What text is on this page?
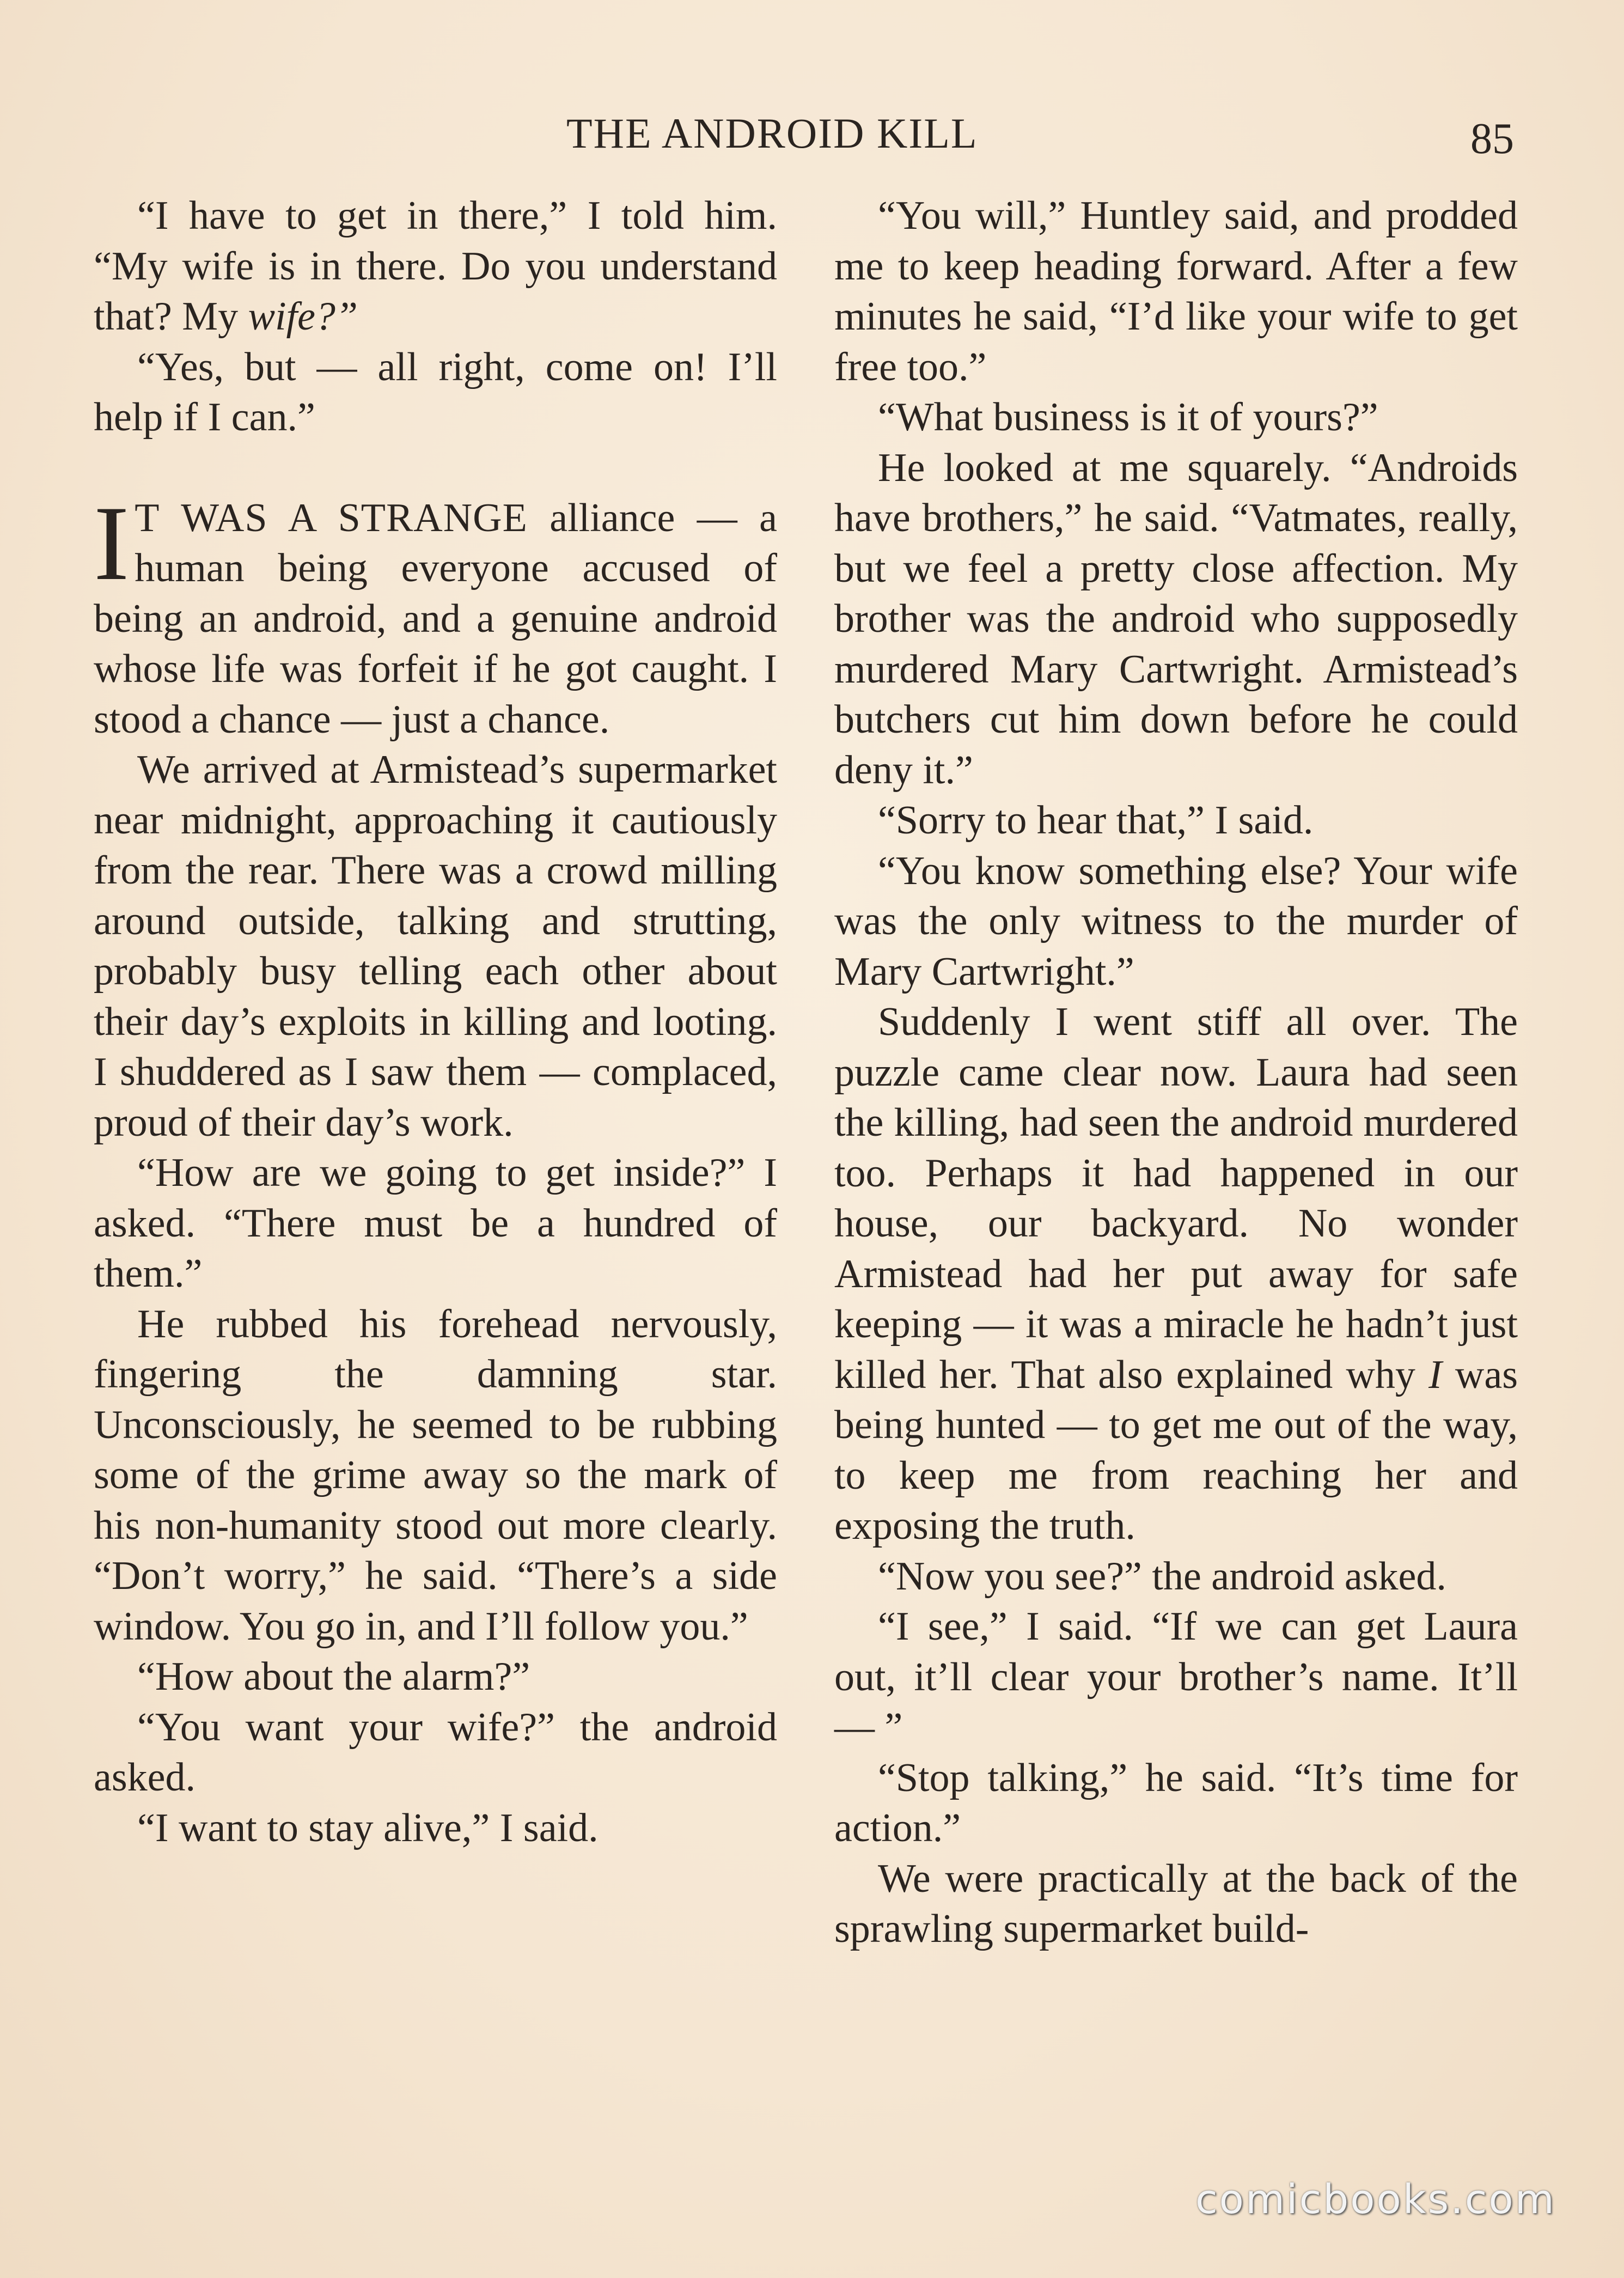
THE ANDROID KILL	85

“I have to get in there,” I told him. “My wife is in there. Do you understand that? My wife?”

“Yes, but — all right, come on! I’ll help if I can.”

I T WAS A STRANGE alliance — a human being everyone accused of being an android, and a genuine android whose life was forfeit if he got caught. I stood a chance — just a chance.

We arrived at Armistead’s supermarket near midnight, approaching it cautiously from the rear. There was a crowd milling around outside, talking and strutting, probably busy telling each other about their day’s exploits in killing and looting. I shuddered as I saw them — complaced, proud of their day’s work.

“How are we going to get inside?” I asked. “There must be a hundred of them.”

He rubbed his forehead nervously, fingering the damning star. Unconsciously, he seemed to be rubbing some of the grime away so the mark of his non-humanity stood out more clearly. “Don’t worry,” he said. “There’s a side window. You go in, and I’ll follow you.”

“How about the alarm?”

“You want your wife?” the android asked.

“I want to stay alive,” I said.

“You will,” Huntley said, and prodded me to keep heading forward. After a few minutes he said, “I’d like your wife to get free too.”

“What business is it of yours?”

He looked at me squarely. “Androids have brothers,” he said. “Vatmates, really, but we feel a pretty close affection. My brother was the android who supposedly murdered Mary Cartwright. Armistead’s butchers cut him down before he could deny it.”

“Sorry to hear that,” I said.

“You know something else? Your wife was the only witness to the murder of Mary Cartwright.”

Suddenly I went stiff all over. The puzzle came clear now. Laura had seen the killing, had seen the android murdered too. Perhaps it had happened in our house, our backyard. No wonder Armistead had her put away for safe keeping — it was a miracle he hadn’t just killed her. That also explained why I was being hunted — to get me out of the way, to keep me from reaching her and exposing the truth.

“Now you see?” the android asked.

“I see,” I said. “If we can get Laura out, it’ll clear your brother’s name. It’ll — ”

“Stop talking,” he said. “It’s time for action.”

We were practically at the back of the sprawling supermarket build-

comicbooks.com
